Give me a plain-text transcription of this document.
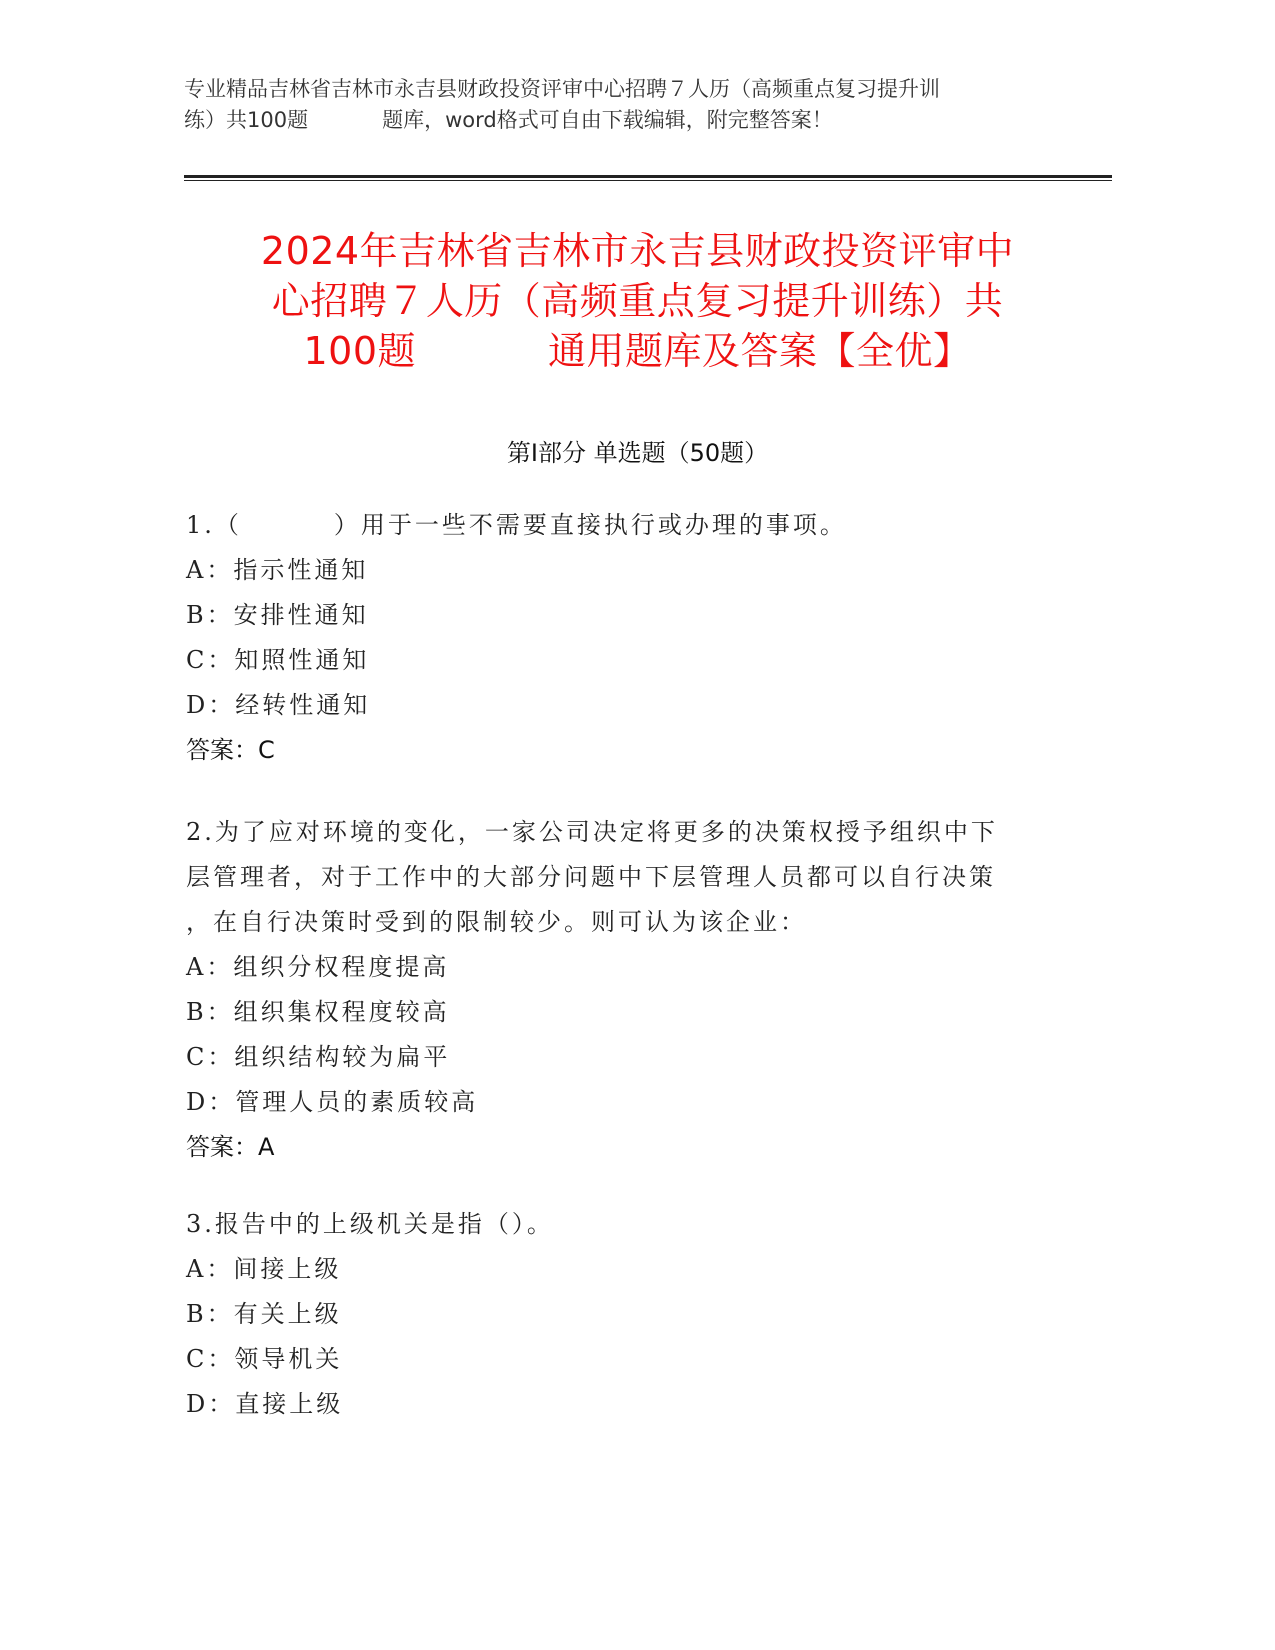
专业精品吉林省吉林市永吉县财政投资评审中心招聘７人历（高频重点复习提升训
练）共100题	题库，word格式可自由下载编辑，附完整答案！
2024年吉林省吉林市永吉县财政投资评审中
心招聘７人历（高频重点复习提升训练）共
100题	通用题库及答案【全优】
第Ⅰ部分 单选题（50题）
1.（	）用于一些不需要直接执行或办理的事项。
A：指示性通知
B：安排性通知
C：知照性通知
D：经转性通知
答案：C
2.为了应对环境的变化，一家公司决定将更多的决策权授予组织中下
层管理者，对于工作中的大部分问题中下层管理人员都可以自行决策
，在自行决策时受到的限制较少。则可认为该企业：
A：组织分权程度提高
B：组织集权程度较高
C：组织结构较为扁平
D：管理人员的素质较高
答案：A
3.报告中的上级机关是指（）。
A：间接上级
B：有关上级
C：领导机关
D：直接上级
